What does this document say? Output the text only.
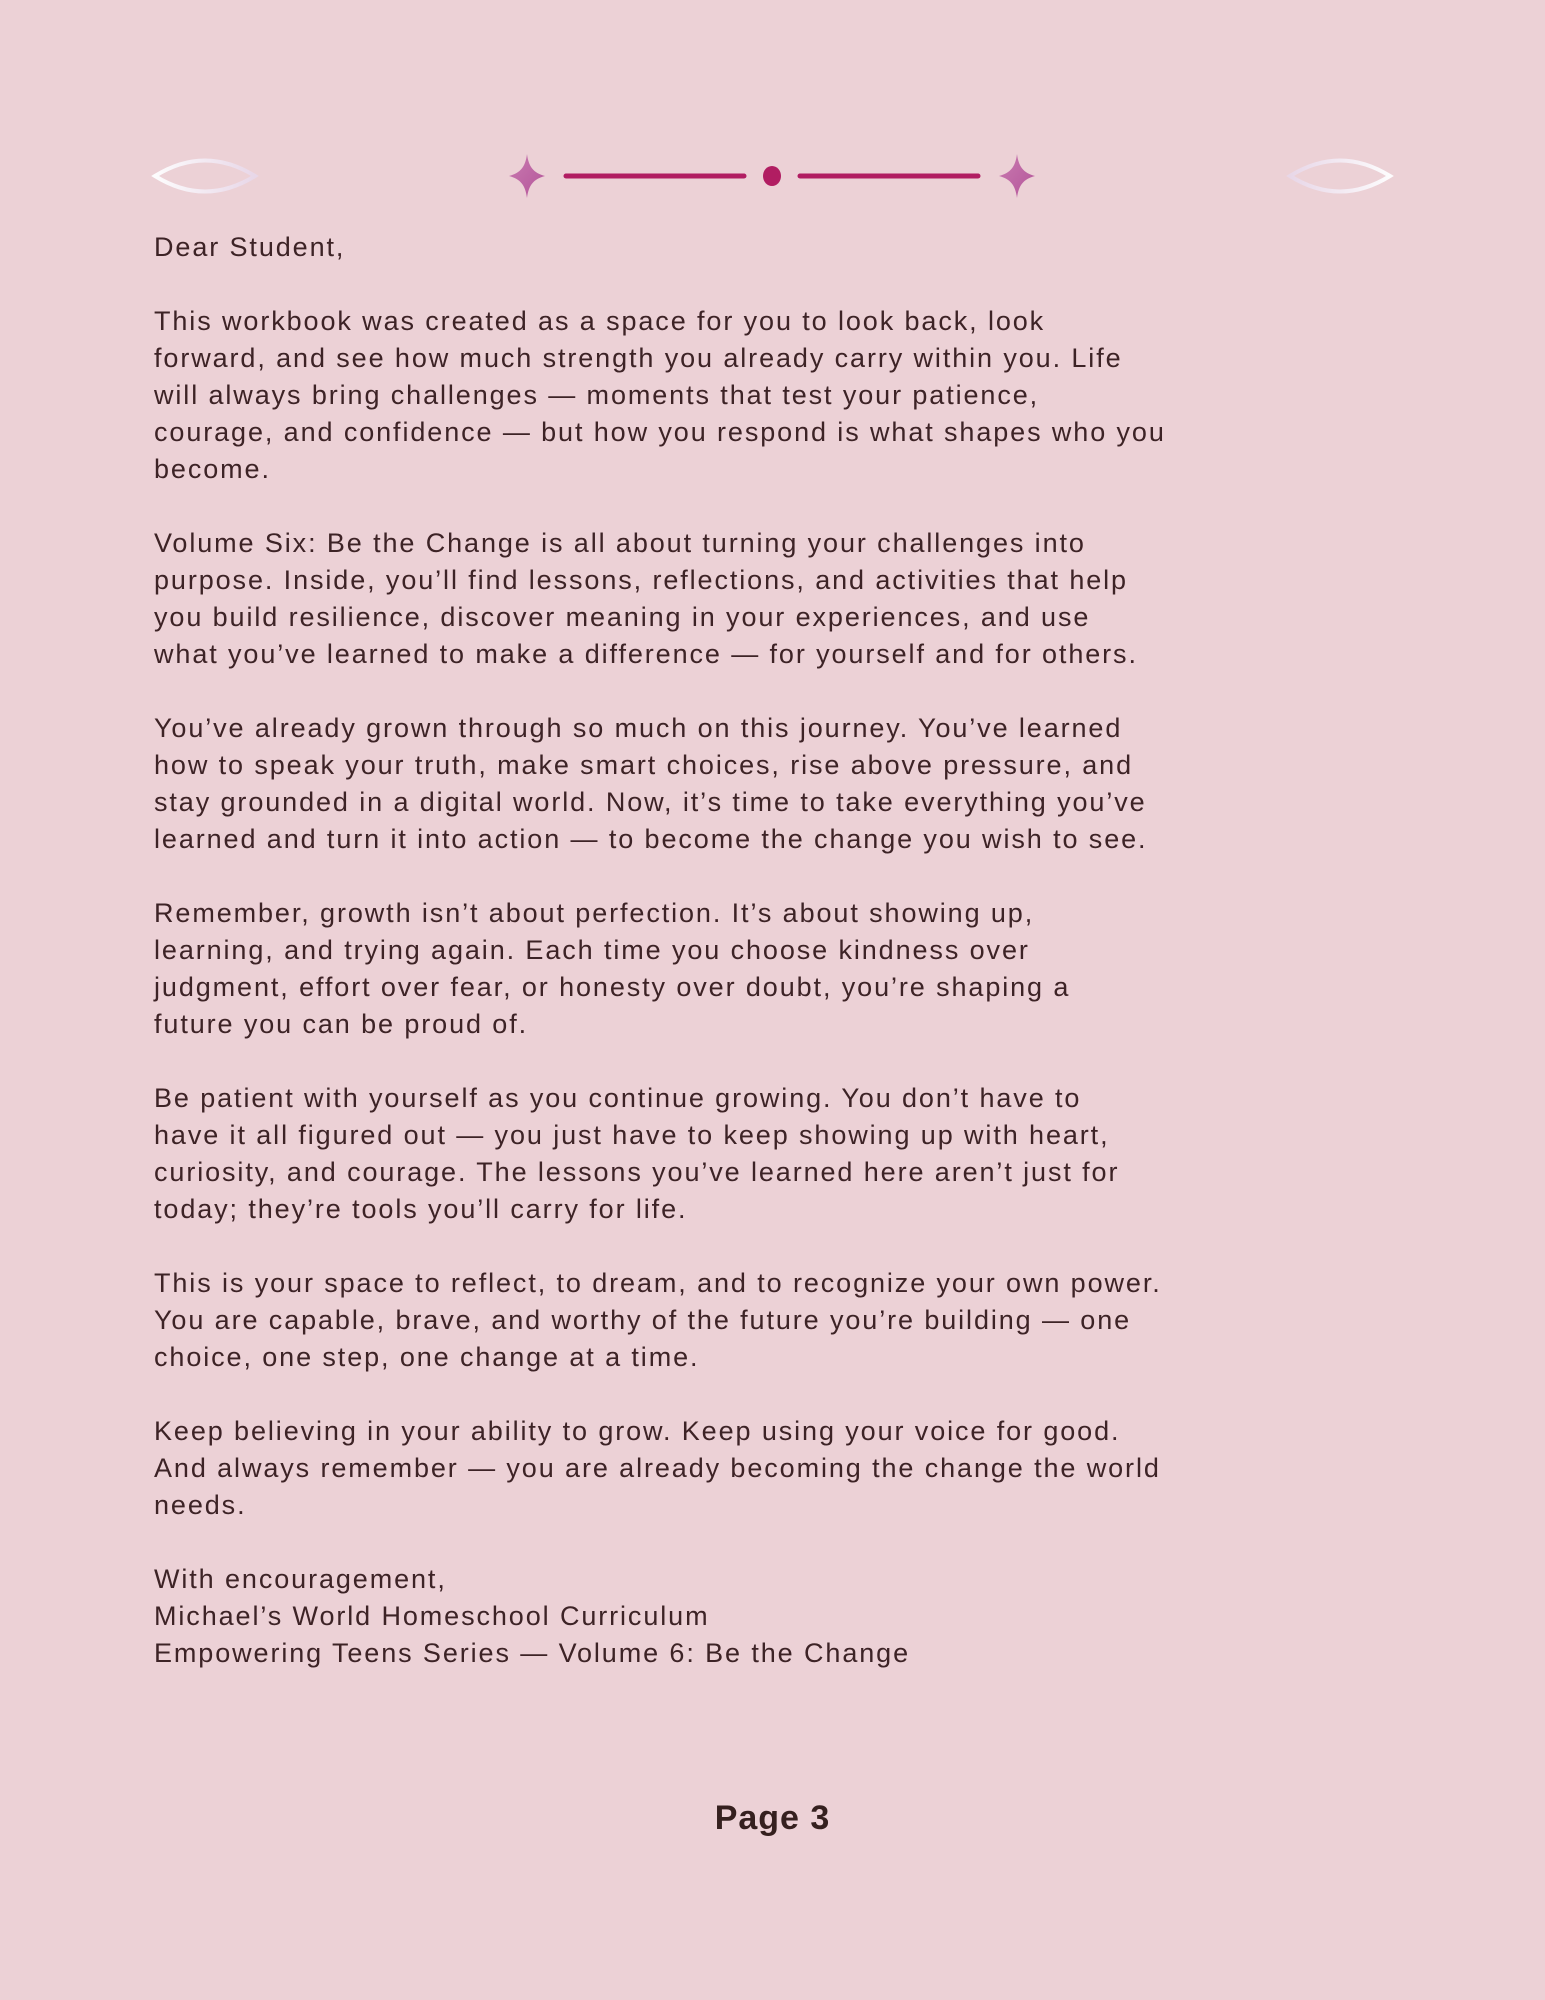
Dear Student,
This workbook was created as a space for you to look back, look
forward, and see how much strength you already carry within you. Life
will always bring challenges — moments that test your patience,
courage, and confidence — but how you respond is what shapes who you
become.
Volume Six: Be the Change is all about turning your challenges into
purpose. Inside, you’ll find lessons, reflections, and activities that help
you build resilience, discover meaning in your experiences, and use
what you’ve learned to make a difference — for yourself and for others.
You’ve already grown through so much on this journey. You’ve learned
how to speak your truth, make smart choices, rise above pressure, and
stay grounded in a digital world. Now, it’s time to take everything you’ve
learned and turn it into action — to become the change you wish to see.
Remember, growth isn’t about perfection. It’s about showing up,
learning, and trying again. Each time you choose kindness over
judgment, effort over fear, or honesty over doubt, you’re shaping a
future you can be proud of.
Be patient with yourself as you continue growing. You don’t have to
have it all figured out — you just have to keep showing up with heart,
curiosity, and courage. The lessons you’ve learned here aren’t just for
today; they’re tools you’ll carry for life.
This is your space to reflect, to dream, and to recognize your own power.
You are capable, brave, and worthy of the future you’re building — one
choice, one step, one change at a time.
Keep believing in your ability to grow. Keep using your voice for good.
And always remember — you are already becoming the change the world
needs.
With encouragement,
Michael’s World Homeschool Curriculum
Empowering Teens Series — Volume 6: Be the Change
Page 3
